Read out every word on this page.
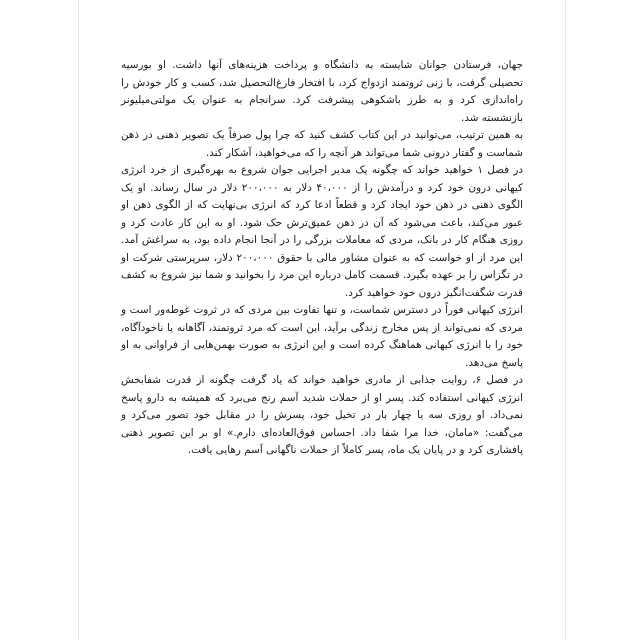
جهان، فرستادن جوانان شایسته به دانشگاه و پرداخت هزینه‌های آنها داشت. او بورسیه تحصیلی گرفت، با زنی ثروتمند ازدواج کرد، با افتخار فارغ‌التحصیل شد، کسب و کار خودش را راه‌اندازی کرد و به طرز باشکوهی پیشرفت کرد. سرانجام به عنوان یک مولتی‌میلیونر بازنشسته شد.

به همین ترتیب، می‌توانید در این کتاب کشف کنید که چرا پول صرفاً یک تصویر ذهنی در ذهن شماست و گفتار درونی شما می‌تواند هر آنچه را که می‌خواهید، آشکار کند.

در فصل ۱ خواهید خواند که چگونه یک مدیر اجرایی جوان شروع به بهره‌گیری از خرد انرژی کیهانی درون خود کرد و درآمدش را از ۴۰،۰۰۰ دلار به ۲۰۰،۰۰۰ دلار در سال رساند. او یک الگوی ذهنی در ذهن خود ایجاد کرد و قطعاً ادعا کرد که انرژی بی‌نهایت که از الگوی ذهن او عبور می‌کند، باعث می‌شود که آن در ذهن عمیق‌ترش حک شود. او به این کار عادت کرد و روزی هنگام کار در بانک، مردی که معاملات بزرگی را در آنجا انجام داده بود، به سراغش آمد. این مرد از او خواست که به عنوان مشاور مالی با حقوق ۲۰۰،۰۰۰ دلار، سرپرستی شرکت او در تگزاس را بر عهده بگیرد. قسمت کامل درباره این مرد را بخوانید و شما نیز شروع به کشف قدرت شگفت‌انگیز درون خود خواهید کرد.

انرژی کیهانی فوراً در دسترس شماست، و تنها تفاوت بین مردی که در ثروت غوطه‌ور است و مردی که نمی‌تواند از پس مخارج زندگی برآید، این است که مرد ثروتمند، آگاهانه یا ناخودآگاه، خود را با انرژی کیهانی هماهنگ کرده است و این انرژی به صورت بهمن‌هایی از فراوانی به او پاسخ می‌دهد.

در فصل ۶، روایت جذابی از مادری خواهید خواند که یاد گرفت چگونه از قدرت شفابخش انرژی کیهانی استفاده کند. پسر او از حملات شدید آسم رنج می‌برد که همیشه به دارو پاسخ نمی‌داد. او روزی سه یا چهار بار در تخیل خود، پسرش را در مقابل خود تصور می‌کرد و می‌گفت: «مامان، خدا مرا شفا داد. احساس فوق‌العاده‌ای دارم.» او بر این تصویر ذهنی پافشاری کرد و در پایان یک ماه، پسر کاملاً از حملات ناگهانی آسم رهایی یافت.
